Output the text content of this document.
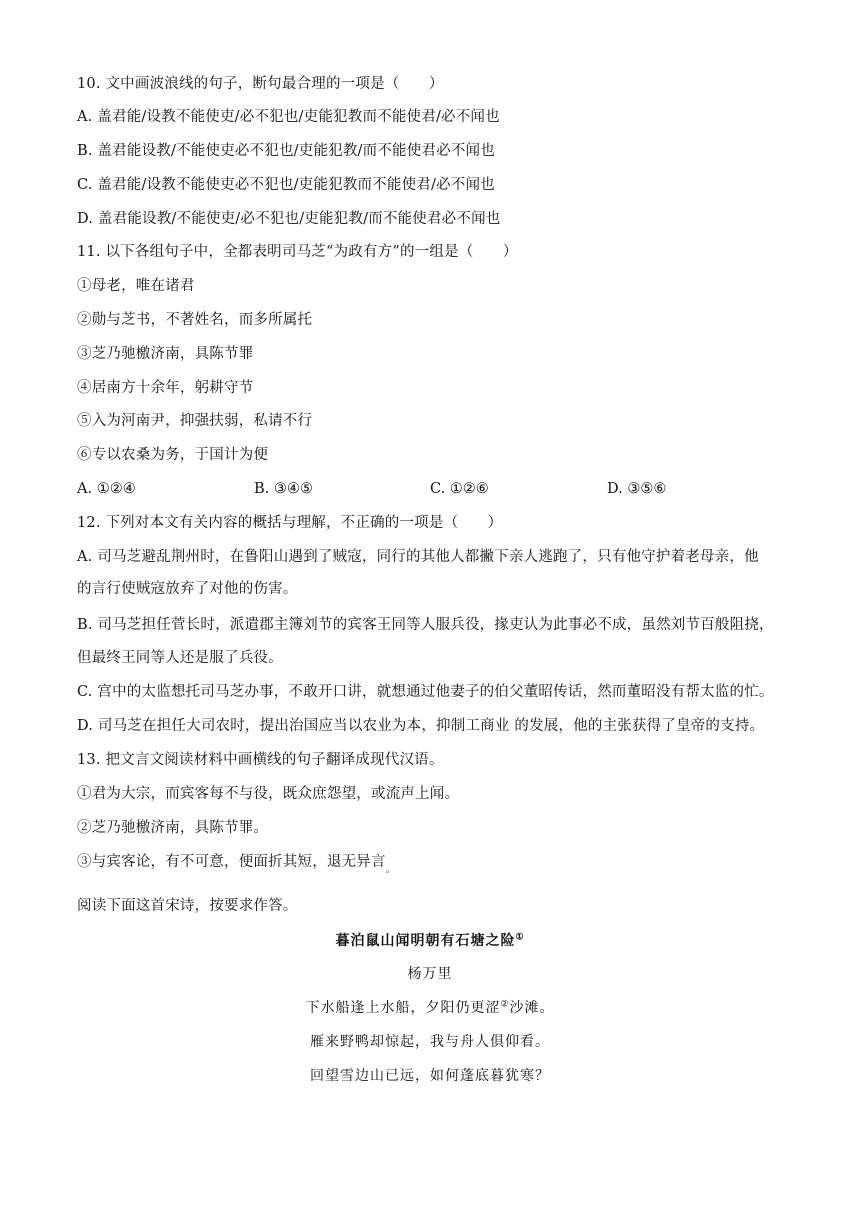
10. 文中画波浪线的句子，断句最合理的一项是（　　）
A. 盖君能/设教不能使吏/必不犯也/吏能犯教而不能使君/必不闻也
B. 盖君能设教/不能使吏必不犯也/吏能犯教/而不能使君必不闻也
C. 盖君能/设教不能使吏必不犯也/吏能犯教而不能使君/必不闻也
D. 盖君能设教/不能使吏/必不犯也/吏能犯教/而不能使君必不闻也
11. 以下各组句子中，全都表明司马芝“为政有方”的一组是（　　）
①母老，唯在诸君
②勋与芝书，不著姓名，而多所属托
③芝乃驰檄济南，具陈节罪
④居南方十余年，躬耕守节
⑤入为河南尹，抑强扶弱，私请不行
⑥专以农桑为务，于国计为便
A. ①②④	B. ③④⑤	C. ①②⑥	D. ③⑤⑥
12. 下列对本文有关内容的概括与理解，不正确的一项是（　　）
A. 司马芝避乱荆州时，在鲁阳山遇到了贼寇，同行的其他人都撇下亲人逃跑了，只有他守护着老母亲，他
的言行使贼寇放弃了对他的伤害。
B. 司马芝担任菅长时，派遣郡主簿刘节的宾客王同等人服兵役，掾吏认为此事必不成，虽然刘节百般阻挠，
但最终王同等人还是服了兵役。
C. 宫中的太监想托司马芝办事，不敢开口讲，就想通过他妻子的伯父董昭传话，然而董昭没有帮太监的忙。
D. 司马芝在担任大司农时，提出治国应当以农业为本，抑制工商业 的发展，他的主张获得了皇帝的支持。
13. 把文言文阅读材料中画横线的句子翻译成现代汉语。
①君为大宗，而宾客每不与役，既众庶怨望，或流声上闻。
②芝乃驰檄济南，具陈节罪。
③与宾客论，有不可意，便面折其短，退无异言$_。$
阅读下面这首宋诗，按要求作答。
暮泊鼠山闻明朝有石塘之险①
杨万里
下水船逢上水船，夕阳仍更涩②沙滩。
雁来野鸭却惊起，我与舟人俱仰看。
回望雪边山已远，如何蓬底暮犹寒？
